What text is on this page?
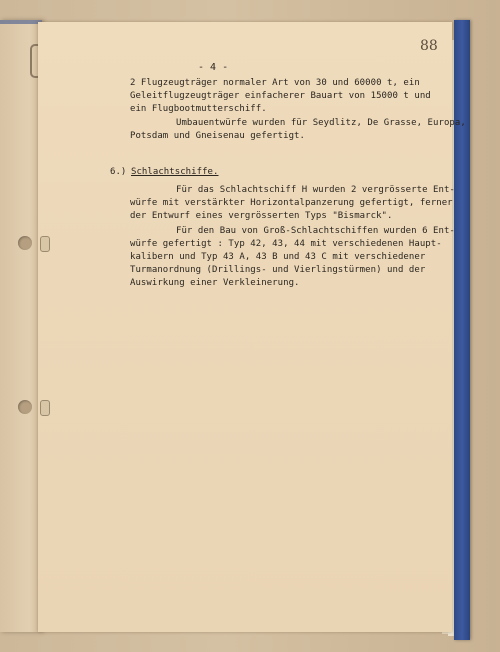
88
- 4 -
2 Flugzeugträger normaler Art von 30 und 60000 t, ein
Geleitflugzeugträger einfacherer Bauart von 15000 t und
ein Flugbootmutterschiff.
Umbauentwürfe wurden für Seydlitz, De Grasse, Europa,
Potsdam und Gneisenau gefertigt.
6.) Schlachtschiffe.
Für das Schlachtschiff H wurden 2 vergrösserte Ent-
würfe mit verstärkter Horizontalpanzerung gefertigt, ferner
der Entwurf eines vergrösserten Typs "Bismarck".
Für den Bau von Groß-Schlachtschiffen wurden 6 Ent-
würfe gefertigt : Typ 42, 43, 44 mit verschiedenen Haupt-
kalibern und Typ 43 A, 43 B und 43 C mit verschiedener
Turmanordnung (Drillings- und Vierlingstürmen) und der
Auswirkung einer Verkleinerung.
